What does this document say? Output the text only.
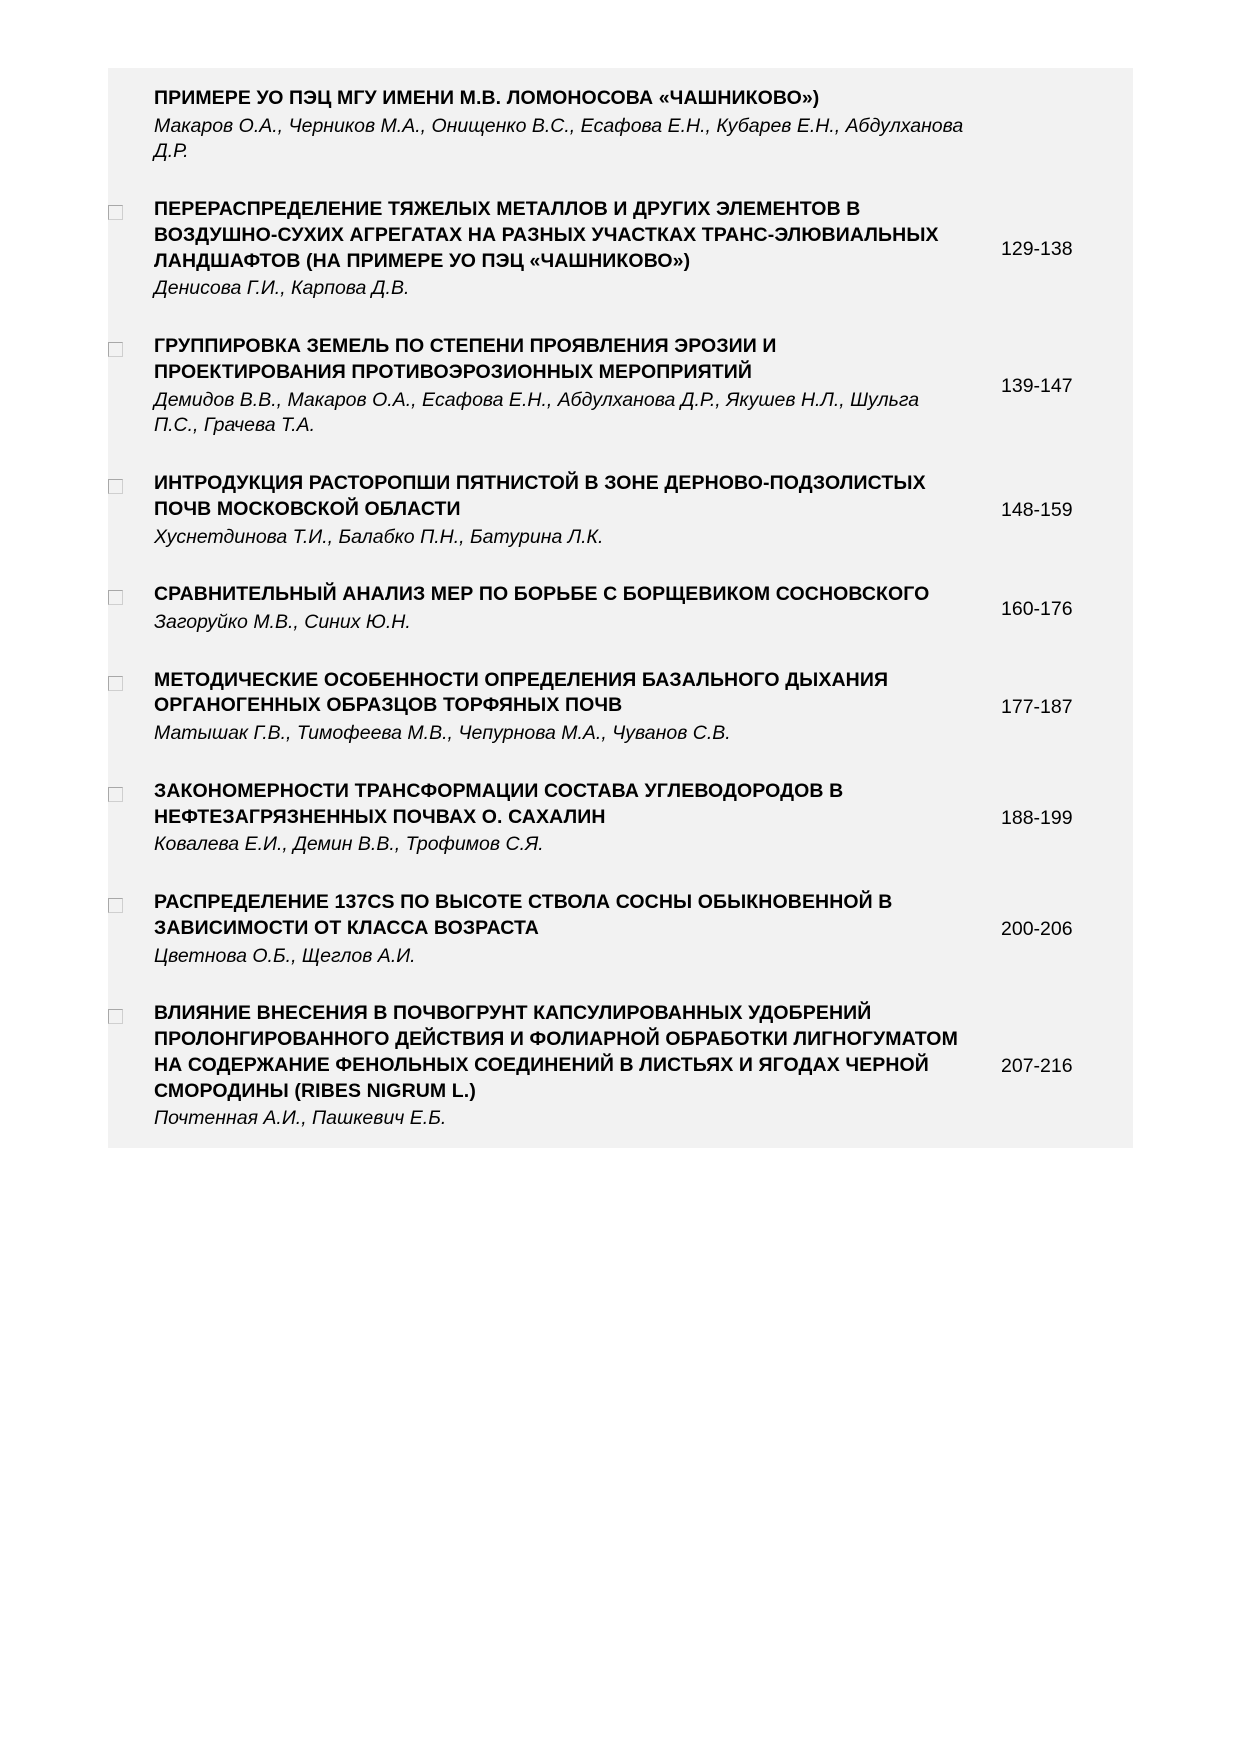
ПРИМЕРЕ УО ПЭЦ МГУ ИМЕНИ М.В. ЛОМОНОСОВА «ЧАШНИКОВО»)
Макаров О.А., Черников М.А., Онищенко В.С., Есафова Е.Н., Кубарев Е.Н., Абдулханова Д.Р.
ПЕРЕРАСПРЕДЕЛЕНИЕ ТЯЖЕЛЫХ МЕТАЛЛОВ И ДРУГИХ ЭЛЕМЕНТОВ В ВОЗДУШНО-СУХИХ АГРЕГАТАХ НА РАЗНЫХ УЧАСТКАХ ТРАНС-ЭЛЮВИАЛЬНЫХ ЛАНДШАФТОВ (НА ПРИМЕРЕ УО ПЭЦ «ЧАШНИКОВО»)
Денисова Г.И., Карпова Д.В.
129-138
ГРУППИРОВКА ЗЕМЕЛЬ ПО СТЕПЕНИ ПРОЯВЛЕНИЯ ЭРОЗИИ И ПРОЕКТИРОВАНИЯ ПРОТИВОЭРОЗИОННЫХ МЕРОПРИЯТИЙ
Демидов В.В., Макаров О.А., Есафова Е.Н., Абдулханова Д.Р., Якушев Н.Л., Шульга П.С., Грачева Т.А.
139-147
ИНТРОДУКЦИЯ РАСТОРОПШИ ПЯТНИСТОЙ В ЗОНЕ ДЕРНОВО-ПОДЗОЛИСТЫХ ПОЧВ МОСКОВСКОЙ ОБЛАСТИ
Хуснетдинова Т.И., Балабко П.Н., Батурина Л.К.
148-159
СРАВНИТЕЛЬНЫЙ АНАЛИЗ МЕР ПО БОРЬБЕ С БОРЩЕВИКОМ СОСНОВСКОГО
Загоруйко М.В., Синих Ю.Н.
160-176
МЕТОДИЧЕСКИЕ ОСОБЕННОСТИ ОПРЕДЕЛЕНИЯ БАЗАЛЬНОГО ДЫХАНИЯ ОРГАНОГЕННЫХ ОБРАЗЦОВ ТОРФЯНЫХ ПОЧВ
Матышак Г.В., Тимофеева М.В., Чепурнова М.А., Чуванов С.В.
177-187
ЗАКОНОМЕРНОСТИ ТРАНСФОРМАЦИИ СОСТАВА УГЛЕВОДОРОДОВ В НЕФТЕЗАГРЯЗНЕННЫХ ПОЧВАХ О. САХАЛИН
Ковалева Е.И., Демин В.В., Трофимов С.Я.
188-199
РАСПРЕДЕЛЕНИЕ 137CS ПО ВЫСОТЕ СТВОЛА СОСНЫ ОБЫКНОВЕННОЙ В ЗАВИСИМОСТИ ОТ КЛАССА ВОЗРАСТА
Цветнова О.Б., Щеглов А.И.
200-206
ВЛИЯНИЕ ВНЕСЕНИЯ В ПОЧВОГРУНТ КАПСУЛИРОВАННЫХ УДОБРЕНИЙ ПРОЛОНГИРОВАННОГО ДЕЙСТВИЯ И ФОЛИАРНОЙ ОБРАБОТКИ ЛИГНОГУМАТОМ НА СОДЕРЖАНИЕ ФЕНОЛЬНЫХ СОЕДИНЕНИЙ В ЛИСТЬЯХ И ЯГОДАХ ЧЕРНОЙ СМОРОДИНЫ (RIBES NIGRUM L.)
Почтенная А.И., Пашкевич Е.Б.
207-216
